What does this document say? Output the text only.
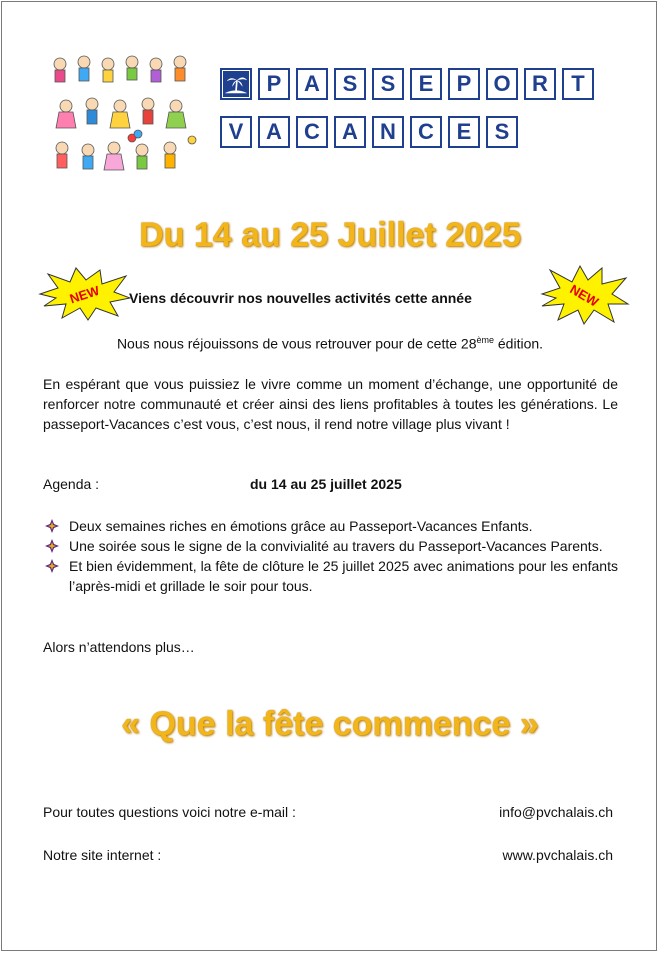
P	A	S	S	E	P	O R	T
V	A	C	A	N	C	E	S
Du 14 au 25 Juillet 2025
NEW Viens découvrir nos nouvelles activités cette année	NEW
Nous nous réjouissons de vous retrouver pour de cette 28ème édition.
En espérant que vous puissiez le vivre comme un moment d’échange, une opportunité de renforcer notre communauté et créer ainsi des liens profitables à toutes les générations. Le passeport-Vacances c’est vous, c’est nous, il rend notre village plus vivant !
Agenda :	du 14 au 25 juillet 2025
Deux semaines riches en émotions grâce au Passeport-Vacances Enfants.
Une soirée sous le signe de la convivialité au travers du Passeport-Vacances Parents.
Et bien évidemment, la fête de clôture le 25 juillet 2025 avec animations pour les enfants l’après-midi et grillade le soir pour tous.
Alors n’attendons plus…
« Que la fête commence »
Pour toutes questions voici notre e-mail :	info@pvchalais.ch
Notre site internet :	www.pvchalais.ch
